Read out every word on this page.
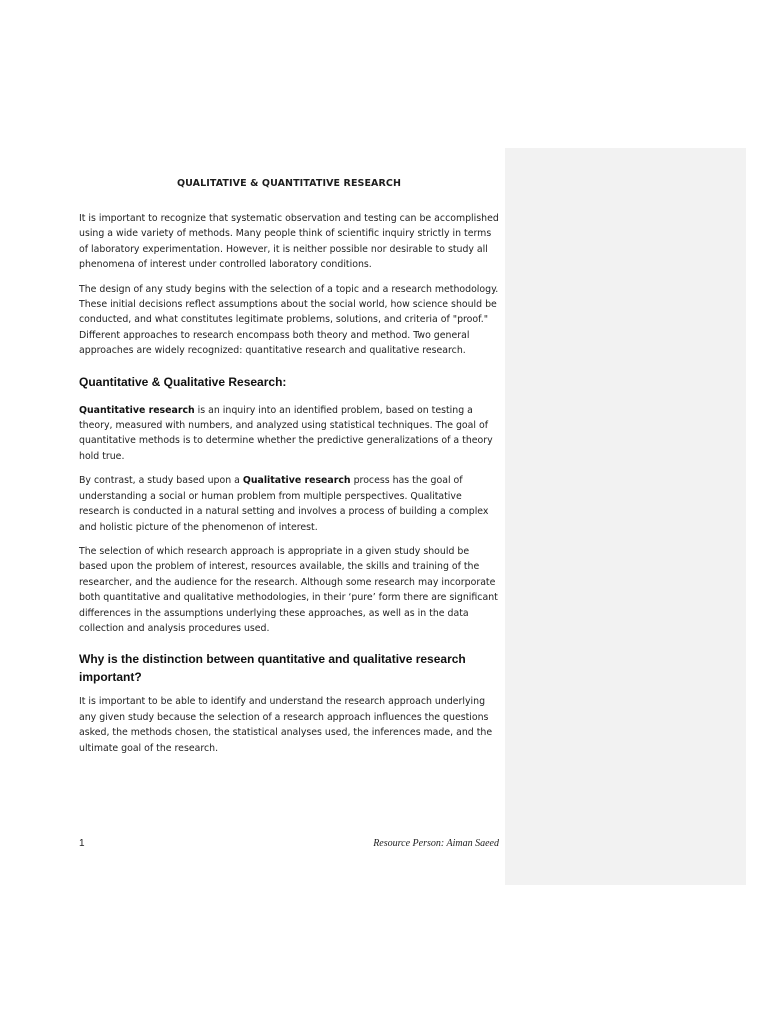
QUALITATIVE & QUANTITATIVE RESEARCH

It is important to recognize that systematic observation and testing can be accomplished using a wide variety of methods. Many people think of scientific inquiry strictly in terms of laboratory experimentation. However, it is neither possible nor desirable to study all phenomena of interest under controlled laboratory conditions.

The design of any study begins with the selection of a topic and a research methodology. These initial decisions reflect assumptions about the social world, how science should be conducted, and what constitutes legitimate problems, solutions, and criteria of "proof." Different approaches to research encompass both theory and method. Two general approaches are widely recognized: quantitative research and qualitative research.

Quantitative & Qualitative Research:

Quantitative research is an inquiry into an identified problem, based on testing a theory, measured with numbers, and analyzed using statistical techniques. The goal of quantitative methods is to determine whether the predictive generalizations of a theory hold true.

By contrast, a study based upon a Qualitative research process has the goal of understanding a social or human problem from multiple perspectives. Qualitative research is conducted in a natural setting and involves a process of building a complex and holistic picture of the phenomenon of interest.

The selection of which research approach is appropriate in a given study should be based upon the problem of interest, resources available, the skills and training of the researcher, and the audience for the research. Although some research may incorporate both quantitative and qualitative methodologies, in their ‘pure’ form there are significant differences in the assumptions underlying these approaches, as well as in the data collection and analysis procedures used.

Why is the distinction between quantitative and qualitative research important?

It is important to be able to identify and understand the research approach underlying any given study because the selection of a research approach influences the questions asked, the methods chosen, the statistical analyses used, the inferences made, and the ultimate goal of the research.

1	Resource Person: Aiman Saeed
